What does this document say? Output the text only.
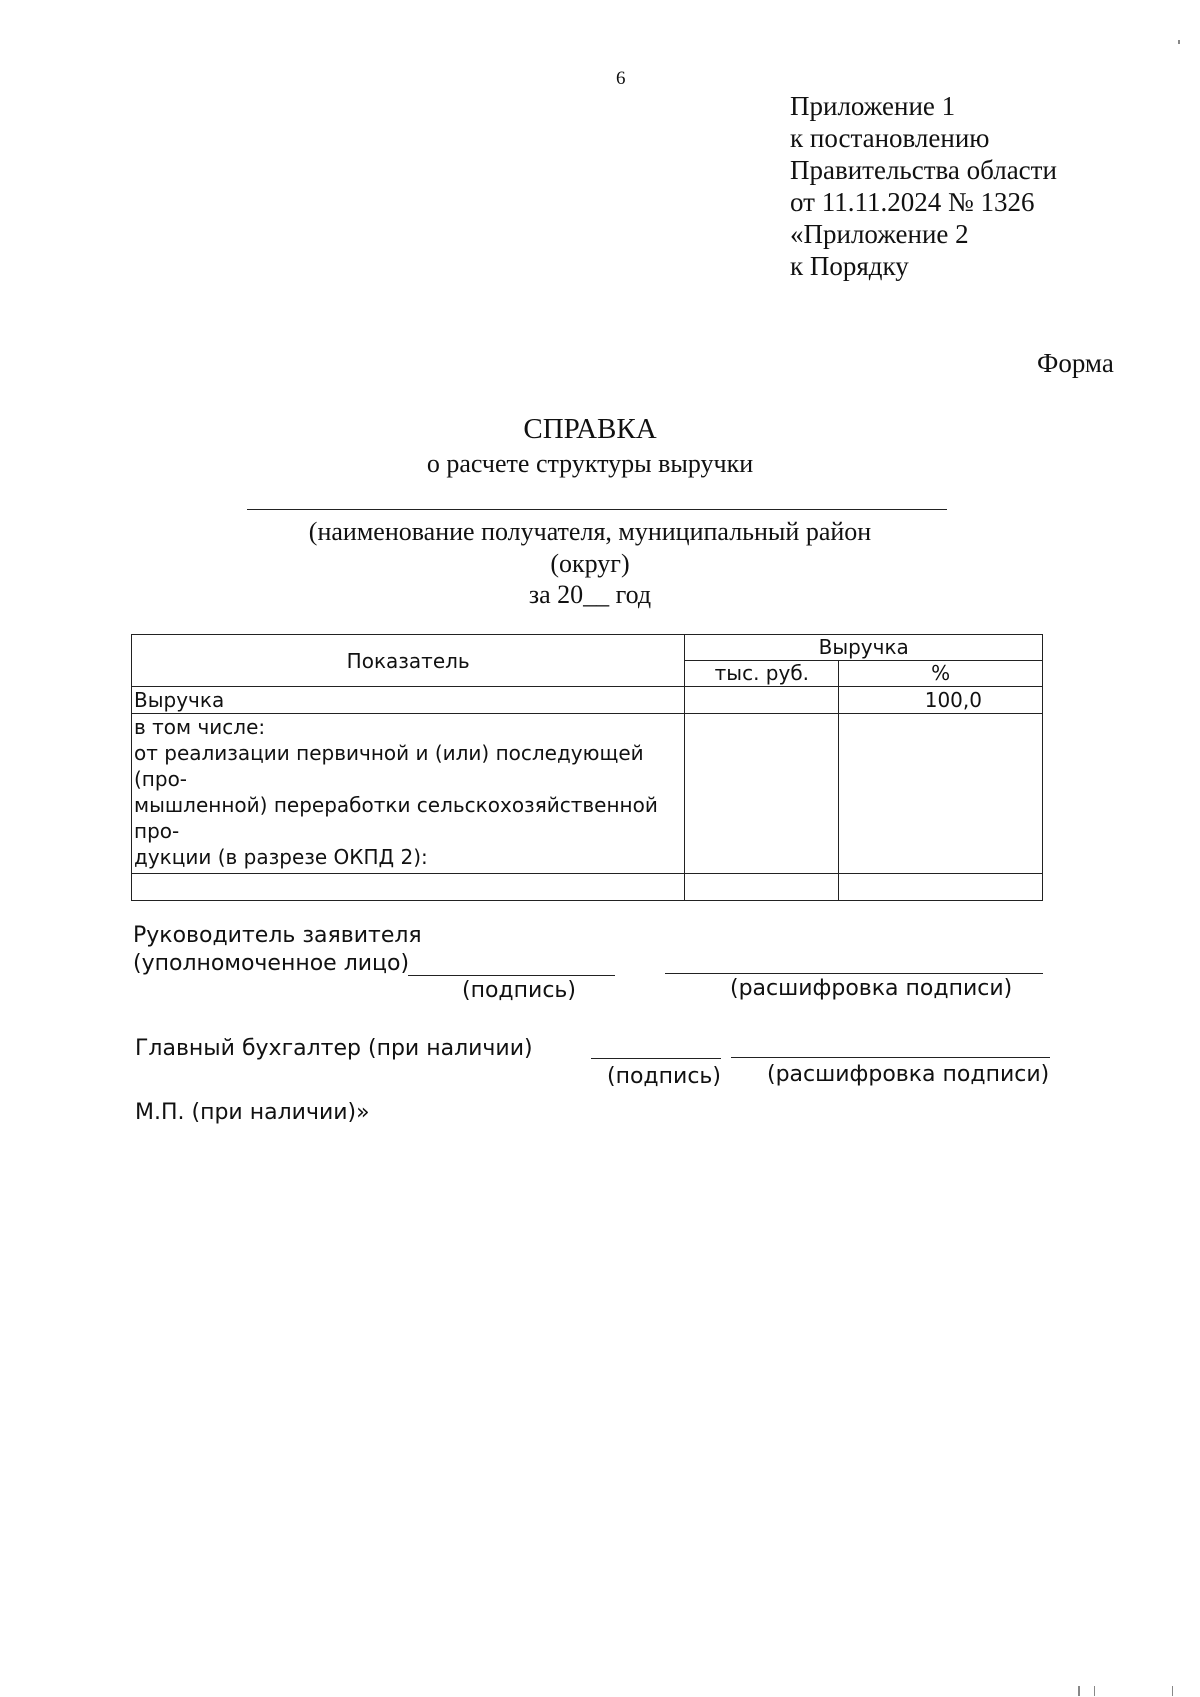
6
Приложение 1
к постановлению
Правительства области
от 11.11.2024 № 1326
«Приложение 2
к Порядку
Форма
СПРАВКА
о расчете структуры выручки
(наименование получателя, муниципальный район (округ)
за 20__ год
Показатель	Выручка	
	тыс. руб.	%
Выручка		100,0

в том числе:
от реализации первичной и (или) последующей (про-
мышленной) переработки сельскохозяйственной про-
дукции (в разрезе ОКПД 2):		

Руководитель заявителя
(уполномоченное лицо)
(подпись)	(расшифровка подписи)
Главный бухгалтер (при наличии)
(подпись) (расшифровка подписи)
М.П. (при наличии)»
